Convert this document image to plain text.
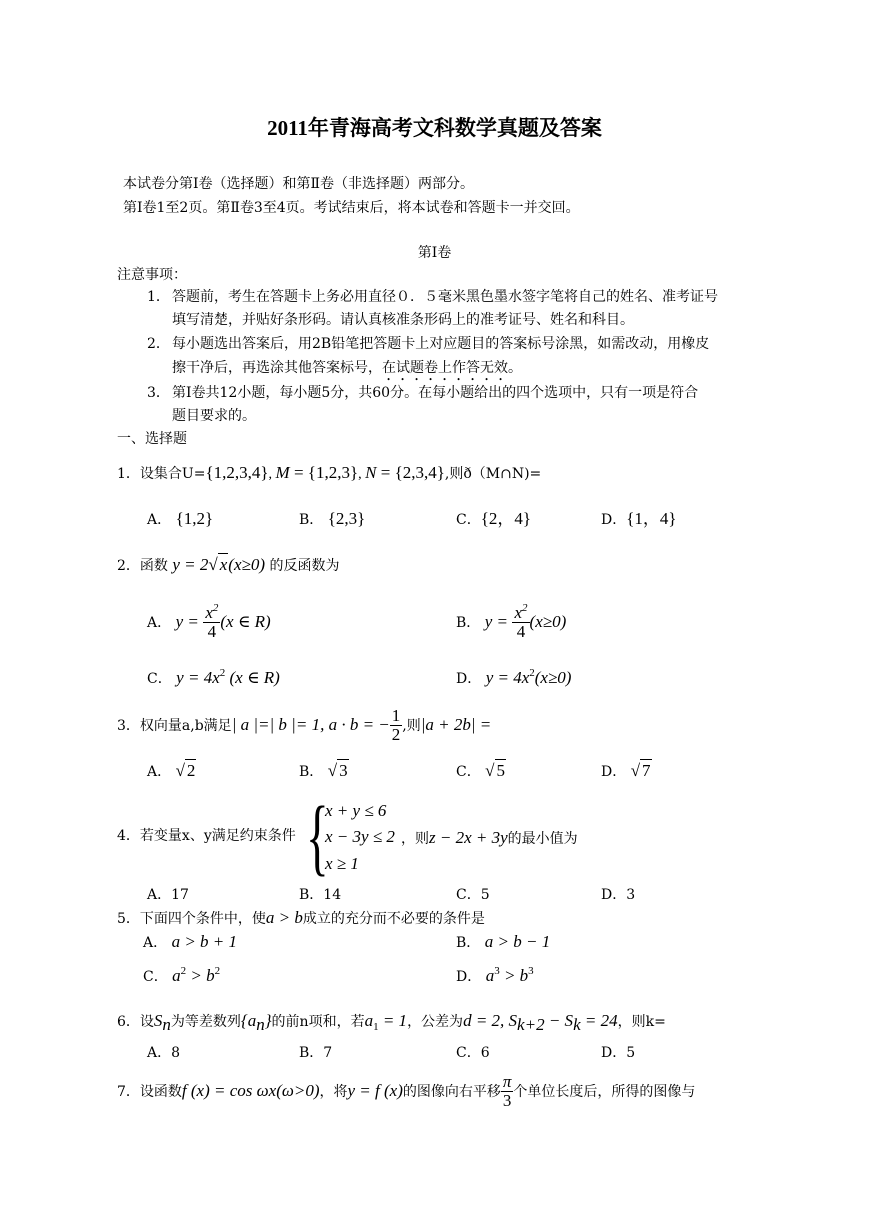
2011年青海高考文科数学真题及答案
本试卷分第Ⅰ卷（选择题）和第Ⅱ卷（非选择题）两部分。
第Ⅰ卷1至2页。第Ⅱ卷3至4页。考试结束后，将本试卷和答题卡一并交回。
第Ⅰ卷
注意事项：
1． 答题前，考生在答题卡上务必用直径０．５毫米黑色墨水签字笔将自己的姓名、准考证号
填写清楚，并贴好条形码。请认真核准条形码上的准考证号、姓名和科目。
2． 每小题选出答案后，用2B铅笔把答题卡上对应题目的答案标号涂黑，如需改动，用橡皮
擦干净后，再选涂其他答案标号，在试题卷上作答无效。
3． 第Ⅰ卷共12小题，每小题5分，共60分。在每小题给出的四个选项中，只有一项是符合
题目要求的。
一、选择题
1．设集合U={1,2,3,4}, M = {1,2,3}, N = {2,3,4},则ð（M∩N)=
A． {1,2}	B． {2,3}	C．{2，4}	D．{1，4}
2．函数 y = 2√ x(x≥0) 的反函数为
A． $y = \frac{x^2}{4} (x$ ∈ R)	B． $y = \frac{x^2}{4} (x\ge 0)$
C． $y = 4x^2$ (x ∈ R)	D． $y = 4x^2(x\ge 0)$
3．权向量a,b满足| a |=| b |= 1, a · b = − $\frac{1}{2}$ ,则|a + 2b| =
A． √ 2	B． √ 3	C． √ 5	D． √ 7
4．若变量x、y满足约束条件 {
x + y ≤ 6
x − 3y ≤ 2
x ≥ 1
，则z − 2x + 3y的最小值为
A．17	B．14	C．5	D．3
5．下面四个条件中，使a > b成立的充分而不必要的条件是
A． a > b + 1	B． a > b − 1
C． $a^2 > b^2$	D． $a^3 > b^3$
6．设$S_n$为等差数列$\{a_n\}$的前n项和，若$a_1 = 1$，公差为d = 2, $S_{k+2} - S_k = 24$，则k=
A．8	B．7	C．6	D．5
7．设函数f (x) = cos ωx(ω>0)，将y = f (x)的图像向右平移 $\frac{\pi}{3}$ 个单位长度后，所得的图像与
